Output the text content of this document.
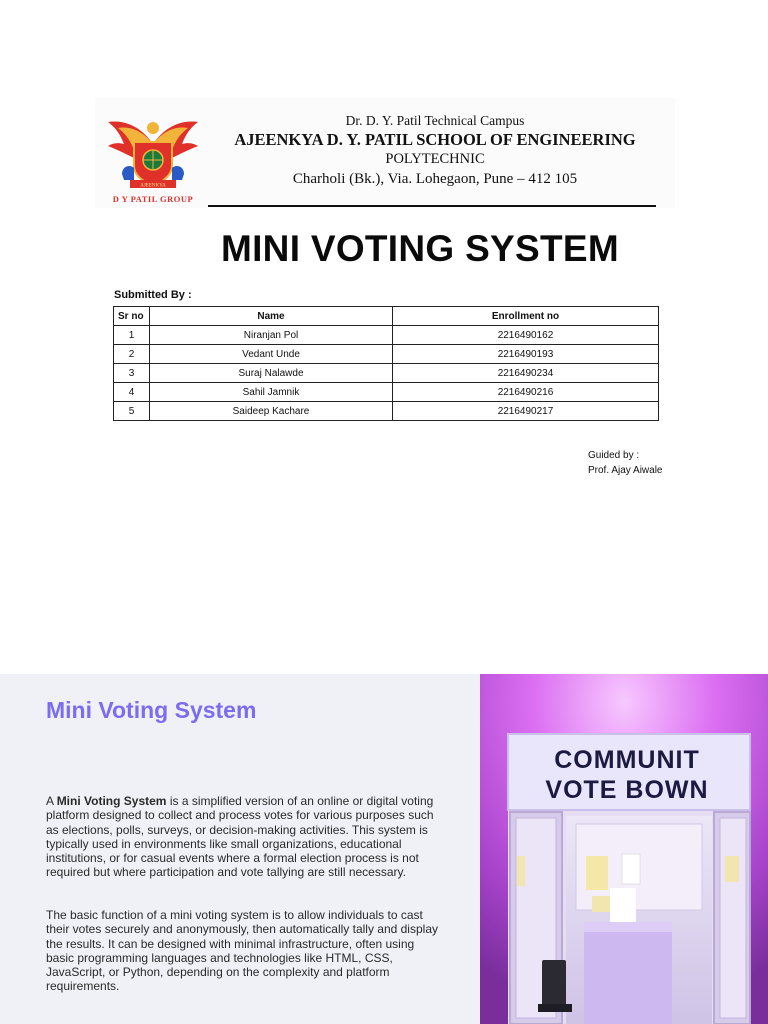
AJEENKYA
D Y PATIL GROUP
Dr. D. Y. Patil Technical Campus
AJEENKYA D. Y. PATIL SCHOOL OF ENGINEERING
POLYTECHNIC
Charholi (Bk.), Via. Lohegaon, Pune – 412 105
MINI VOTING SYSTEM
Submitted By :
Sr no	Name	Enrollment no
1	Niranjan Pol	2216490162
2	Vedant Unde	2216490193
3	Suraj Nalawde	2216490234
4	Sahil Jamnik	2216490216
5	Saideep Kachare	2216490217
Guided by :
Prof. Ajay Aiwale
Mini Voting System
A Mini Voting System is a simplified version of an online or digital voting platform designed to collect and process votes for various purposes such as elections, polls, surveys, or decision-making activities. This system is typically used in environments like small organizations, educational institutions, or for casual events where a formal election process is not required but where participation and vote tallying are still necessary.
The basic function of a mini voting system is to allow individuals to cast their votes securely and anonymously, then automatically tally and display the results. It can be designed with minimal infrastructure, often using basic programming languages and technologies like HTML, CSS, JavaScript, or Python, depending on the complexity and platform requirements.
COMMUNIT
VOTE BOWN
